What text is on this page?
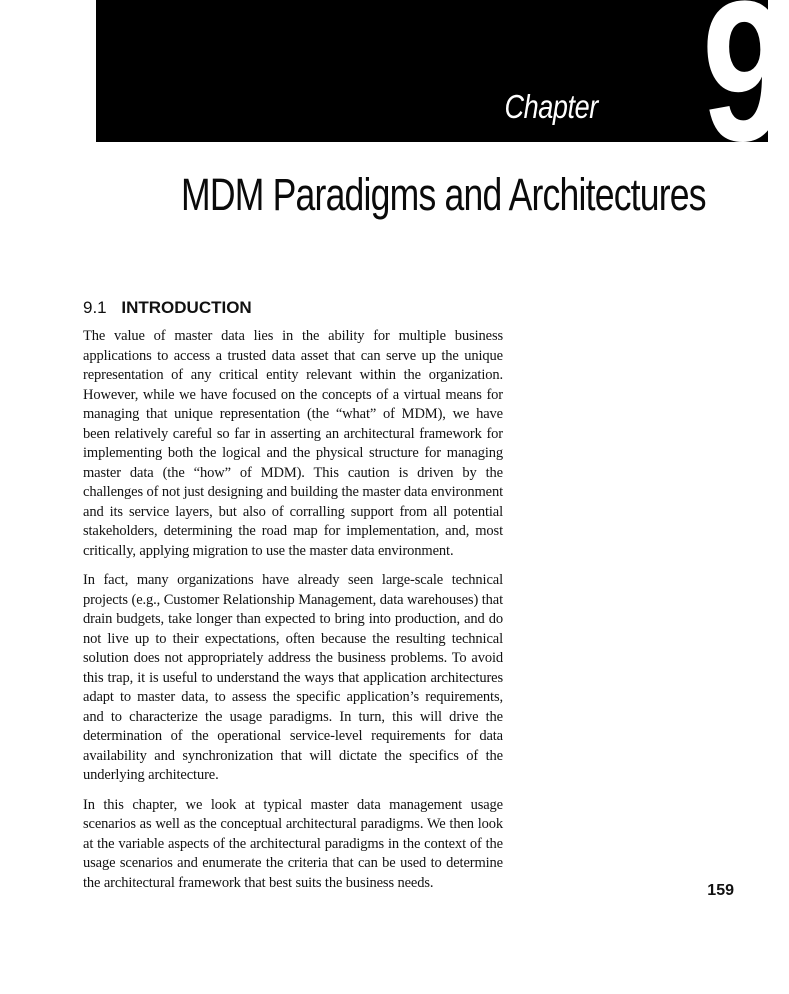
Chapter 9
MDM Paradigms and Architectures
9.1 INTRODUCTION

The value of master data lies in the ability for multiple business applications to access a trusted data asset that can serve up the unique representation of any critical entity relevant within the organization. However, while we have focused on the concepts of a virtual means for managing that unique representation (the “what” of MDM), we have been relatively careful so far in asserting an architectural framework for implementing both the logical and the physical structure for managing master data (the “how” of MDM). This caution is driven by the challenges of not just designing and building the master data environment and its service layers, but also of corralling support from all potential stakeholders, determining the road map for implementation, and, most critically, applying migration to use the master data environment.

In fact, many organizations have already seen large-scale technical projects (e.g., Customer Relationship Management, data warehouses) that drain budgets, take longer than expected to bring into production, and do not live up to their expectations, often because the resulting technical solution does not appropriately address the business problems. To avoid this trap, it is useful to understand the ways that application architectures adapt to master data, to assess the specific application’s requirements, and to characterize the usage paradigms. In turn, this will drive the determination of the operational service-level requirements for data availability and synchronization that will dictate the specifics of the underlying architecture.

In this chapter, we look at typical master data management usage scenarios as well as the conceptual architectural paradigms. We then look at the variable aspects of the architectural paradigms in the context of the usage scenarios and enumerate the criteria that can be used to determine the architectural framework that best suits the business needs.	159
